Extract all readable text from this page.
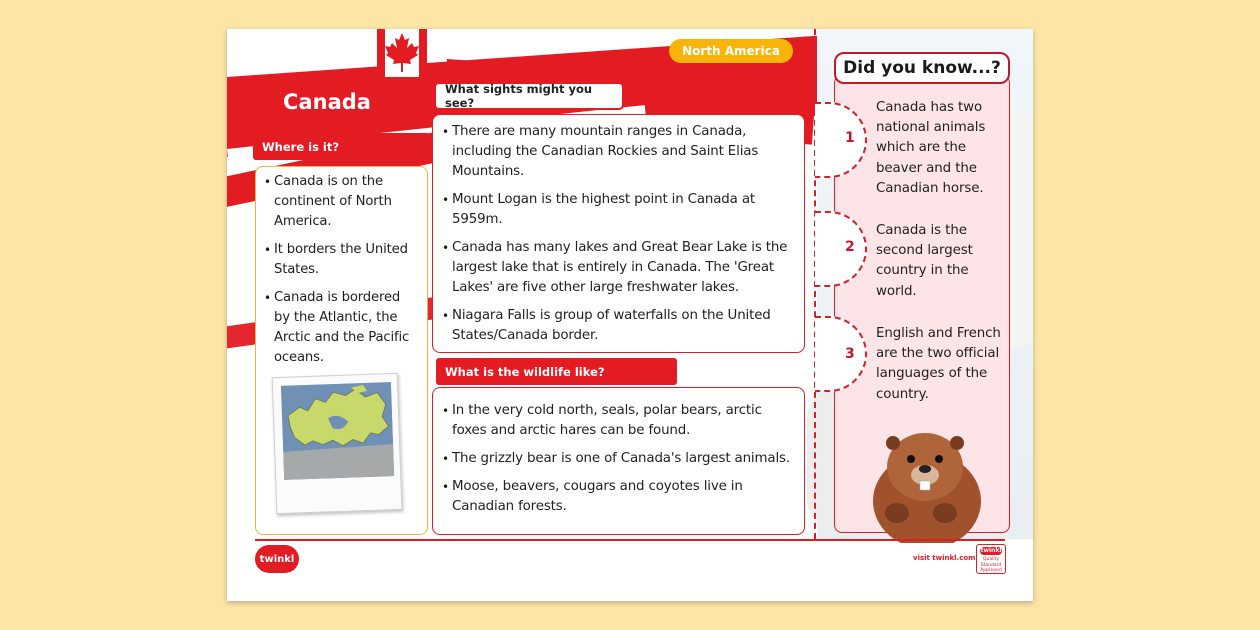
Canada
North America
Where is it?
• Canada is on the continent of North America.
• It borders the United States.
• Canada is bordered by the Atlantic, the Arctic and the Pacific oceans.
What sights might you see?
• There are many mountain ranges in Canada, including the Canadian Rockies and Saint Elias Mountains.
• Mount Logan is the highest point in Canada at 5959m.
• Canada has many lakes and Great Bear Lake is the largest lake that is entirely in Canada. The 'Great Lakes' are five other large freshwater lakes.
• Niagara Falls is group of waterfalls on the United States/Canada border.
What is the wildlife like?
• In the very cold north, seals, polar bears, arctic foxes and arctic hares can be found.
• The grizzly bear is one of Canada's largest animals.
• Moose, beavers, cougars and coyotes live in Canadian forests.
1
Canada has two national animals which are the beaver and the Canadian horse.
2
Canada is the second largest country in the world.
3
English and French are the two official languages of the country.
Did you know...?
twinkl	visit twinkl.com
twinkl
Quality Standard Approved
